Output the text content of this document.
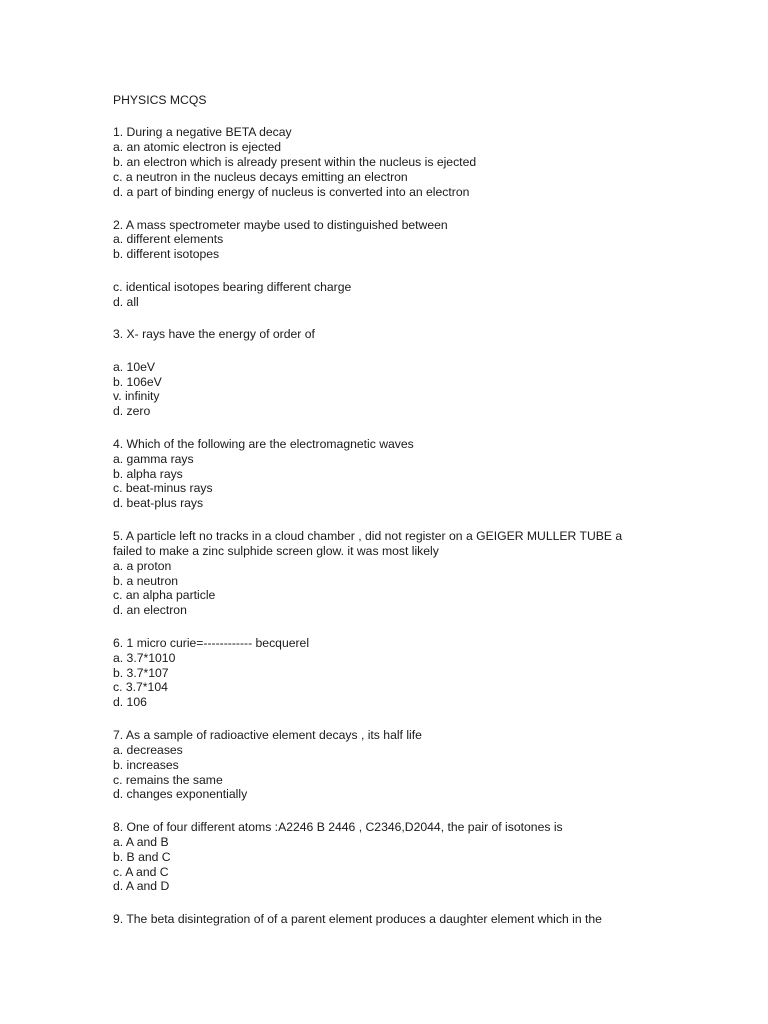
PHYSICS MCQS
1. During a negative BETA decay
a. an atomic electron is ejected
b. an electron which is already present within the nucleus is ejected
c. a neutron in the nucleus decays emitting an electron
d. a part of binding energy of nucleus is converted into an electron
2. A mass spectrometer maybe used to distinguished between
a. different elements
b. different isotopes
c. identical isotopes bearing different charge
d. all
3. X- rays have the energy of order of
a. 10eV
b. 106eV
v. infinity
d. zero
4. Which of the following are the electromagnetic waves
a. gamma rays
b. alpha rays
c. beat-minus rays
d. beat-plus rays
5. A particle left no tracks in a cloud chamber , did not register on a GEIGER MULLER TUBE a
failed to make a zinc sulphide screen glow. it was most likely
a. a proton
b. a neutron
c. an alpha particle
d. an electron
6. 1 micro curie=------------ becquerel
a. 3.7*1010
b. 3.7*107
c. 3.7*104
d. 106
7. As a sample of radioactive element decays , its half life
a. decreases
b. increases
c. remains the same
d. changes exponentially
8. One of four different atoms :A2246 B 2446 , C2346,D2044, the pair of isotones is
a. A and B
b. B and C
c. A and C
d. A and D
9. The beta disintegration of of a parent element produces a daughter element which in the
